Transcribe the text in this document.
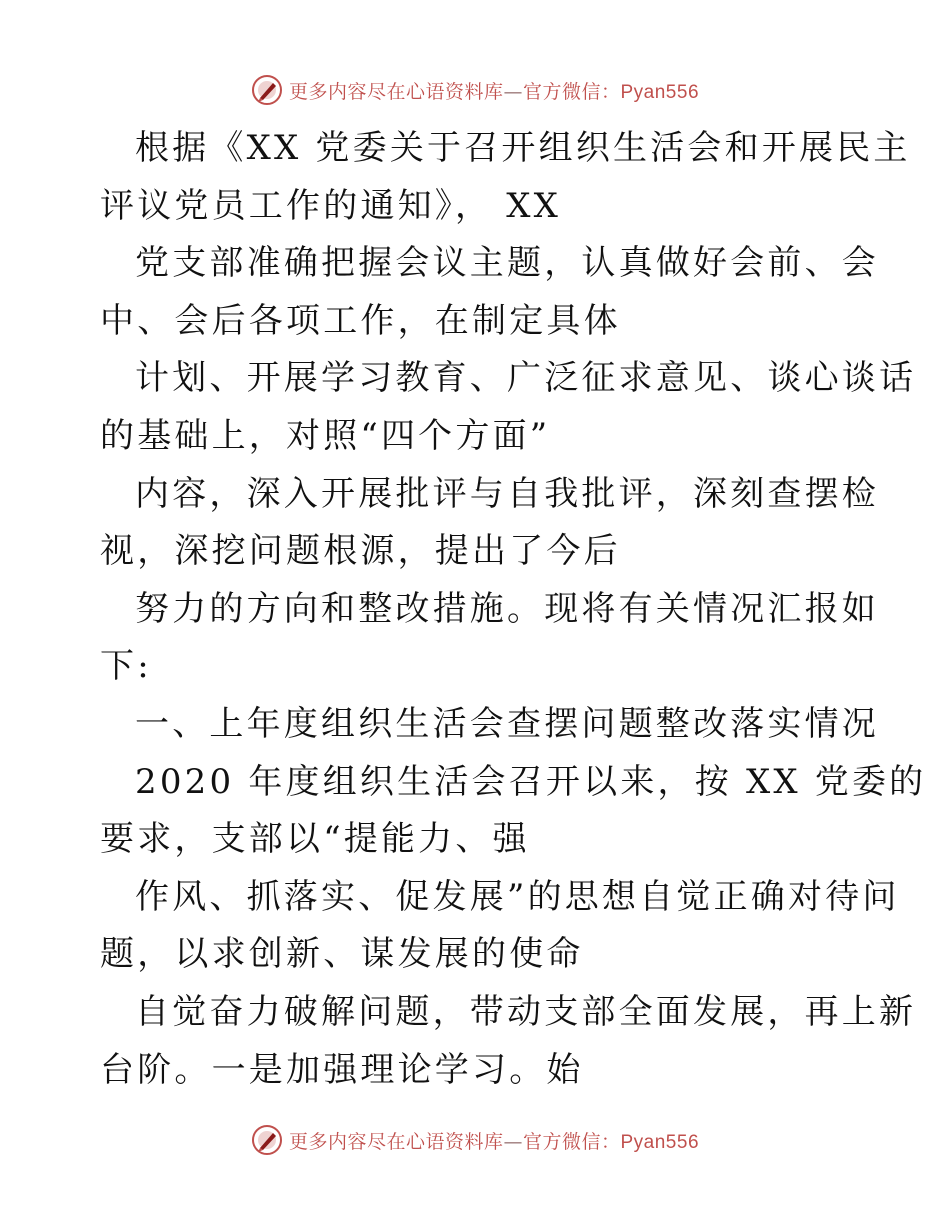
更多内容尽在心语资料库—官方微信：Pyan556
根据《XX 党委关于召开组织生活会和开展民主
评议党员工作的通知》， XX
党支部准确把握会议主题，认真做好会前、会
中、会后各项工作，在制定具体
计划、开展学习教育、广泛征求意见、谈心谈话
的基础上，对照“四个方面”
内容，深入开展批评与自我批评，深刻查摆检
视，深挖问题根源，提出了今后
努力的方向和整改措施。现将有关情况汇报如
下:
一、上年度组织生活会查摆问题整改落实情况
2020 年度组织生活会召开以来，按 XX 党委的
要求，支部以“提能力、强
作风、抓落实、促发展”的思想自觉正确对待问
题，以求创新、谋发展的使命
自觉奋力破解问题，带动支部全面发展，再上新
台阶。一是加强理论学习。始
更多内容尽在心语资料库—官方微信：Pyan556
